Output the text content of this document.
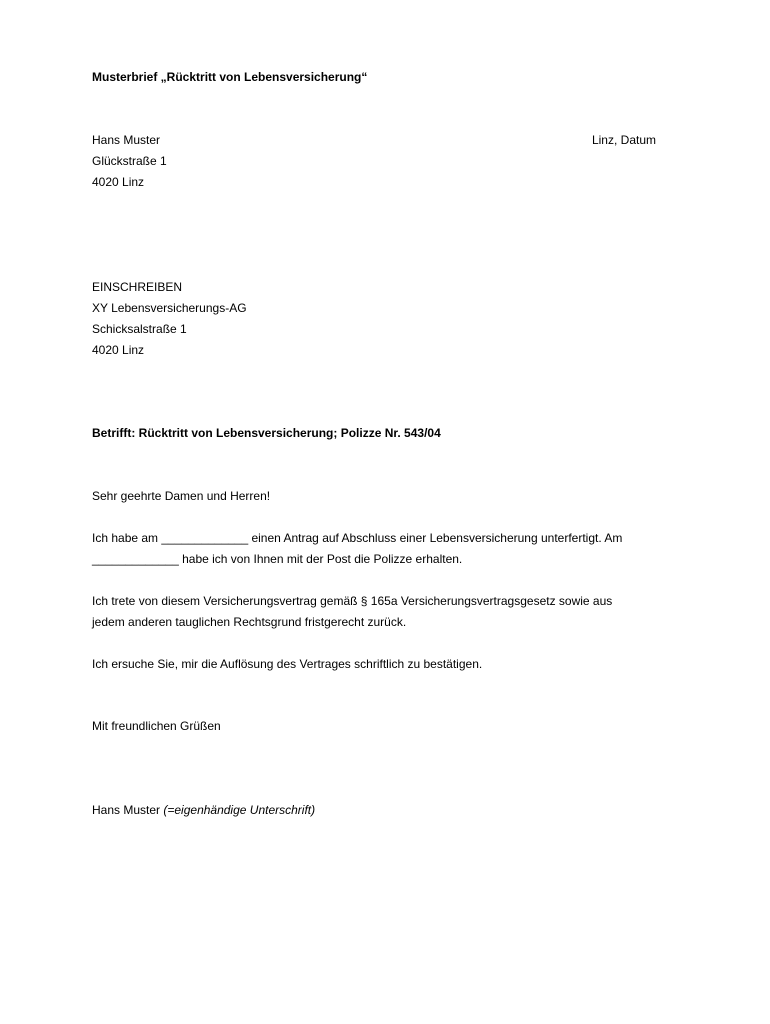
Musterbrief „Rücktritt von Lebensversicherung“
Hans Muster	Linz, Datum
Glückstraße 1
4020 Linz
EINSCHREIBEN
XY Lebensversicherungs-AG
Schicksalstraße 1
4020 Linz
Betrifft: Rücktritt von Lebensversicherung; Polizze Nr. 543/04
Sehr geehrte Damen und Herren!
Ich habe am _____________ einen Antrag auf Abschluss einer Lebensversicherung unterfertigt. Am
_____________ habe ich von Ihnen mit der Post die Polizze erhalten.
Ich trete von diesem Versicherungsvertrag gemäß § 165a Versicherungsvertragsgesetz sowie aus
jedem anderen tauglichen Rechtsgrund fristgerecht zurück.
Ich ersuche Sie, mir die Auflösung des Vertrages schriftlich zu bestätigen.
Mit freundlichen Grüßen
Hans Muster (=eigenhändige Unterschrift)
